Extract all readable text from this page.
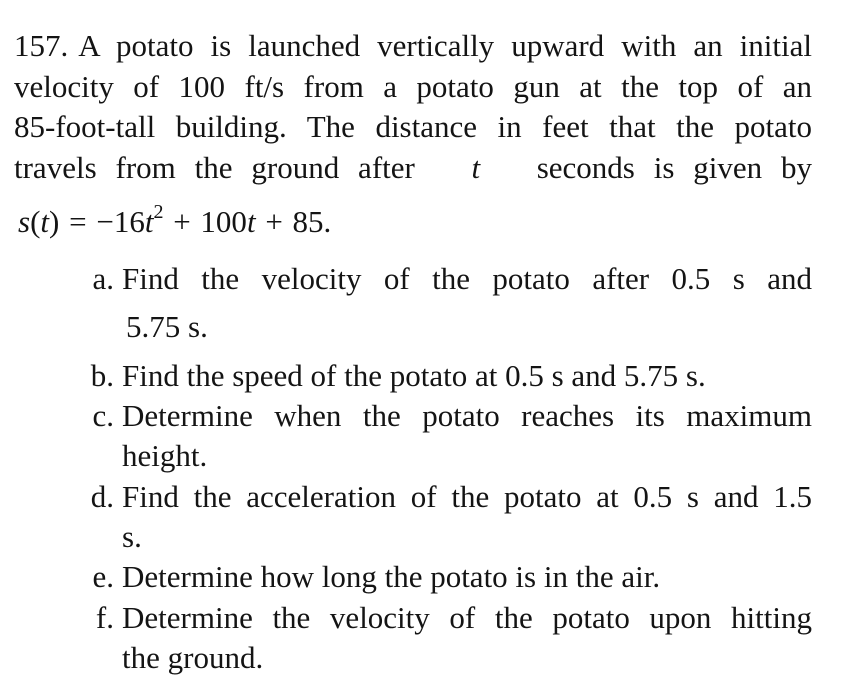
157. A potato is launched vertically upward with an initial
velocity of 100 ft/s from a potato gun at the top of an
85-foot-tall building. The distance in feet that the potato
travels from the ground after t seconds is given by
$s(t) = -16t^2 + 100t + 85$.
a. Find the velocity of the potato after 0.5 s and
5.75 s.
b. Find the speed of the potato at 0.5 s and 5.75 s.
c. Determine when the potato reaches its maximum
height.
d. Find the acceleration of the potato at 0.5 s and 1.5
s.
e. Determine how long the potato is in the air.
f. Determine the velocity of the potato upon hitting
the ground.
